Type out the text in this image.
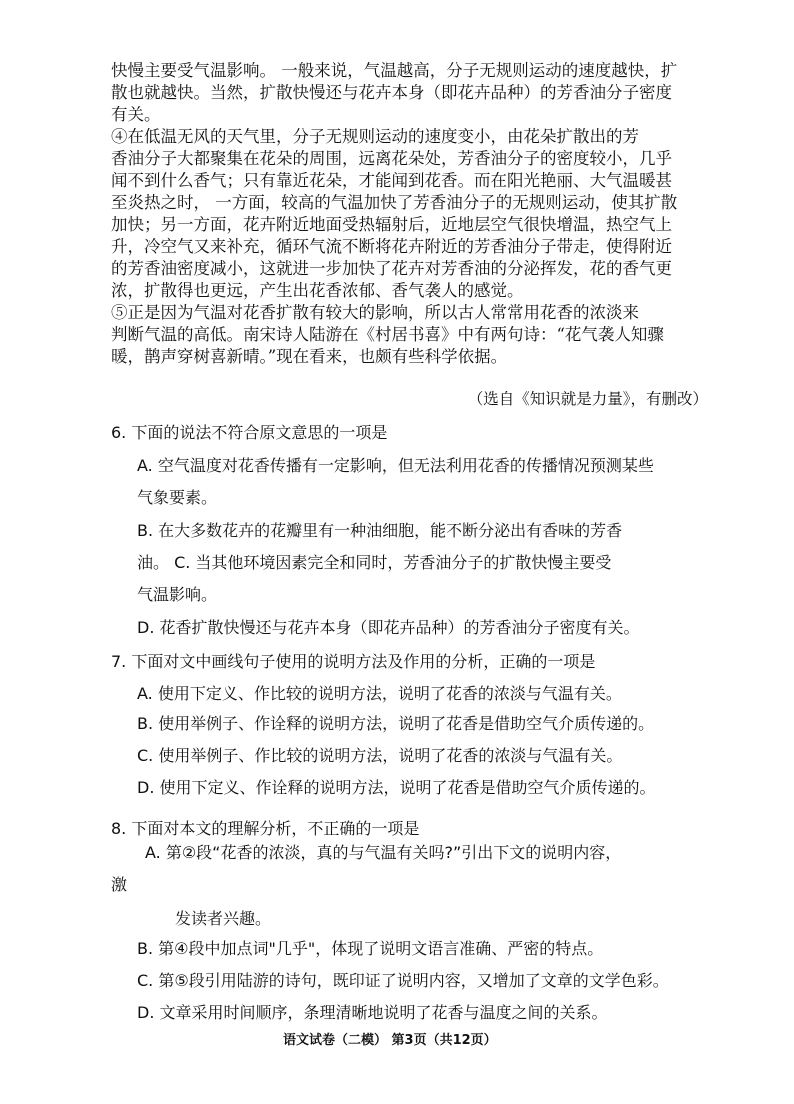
快慢主要受气温影响。 一般来说，气温越高，分子无规则运动的速度越快，扩
散也就越快。当然，扩散快慢还与花卉本身（即花卉品种）的芳香油分子密度
有关。
④在低温无风的天气里，分子无规则运动的速度变小，由花朵扩散出的芳
香油分子大都聚集在花朵的周围，远离花朵处，芳香油分子的密度较小，几乎
闻不到什么香气；只有靠近花朵，才能闻到花香。而在阳光艳丽、大气温暖甚
至炎热之时， 一方面，较高的气温加快了芳香油分子的无规则运动，使其扩散
加快；另一方面，花卉附近地面受热辐射后，近地层空气很快增温，热空气上
升，冷空气又来补充，循环气流不断将花卉附近的芳香油分子带走，使得附近
的芳香油密度减小，这就进一步加快了花卉对芳香油的分泌挥发，花的香气更
浓，扩散得也更远，产生出花香浓郁、香气袭人的感觉。
⑤正是因为气温对花香扩散有较大的影响，所以古人常常用花香的浓淡来
判断气温的高低。南宋诗人陆游在《村居书喜》中有两句诗：“花气袭人知骤
暖，鹊声穿树喜新晴。”现在看来，也颇有些科学依据。
（选自《知识就是力量》，有删改）
6. 下面的说法不符合原文意思的一项是
A. 空气温度对花香传播有一定影响，但无法利用花香的传播情况预测某些
气象要素。
B. 在大多数花卉的花瓣里有一种油细胞，能不断分泌出有香味的芳香
油。 C. 当其他环境因素完全和同时，芳香油分子的扩散快慢主要受
气温影响。
D. 花香扩散快慢还与花卉本身（即花卉品种）的芳香油分子密度有关。
7. 下面对文中画线句子使用的说明方法及作用的分析，正确的一项是
A. 使用下定义、作比较的说明方法，说明了花香的浓淡与气温有关。
B. 使用举例子、作诠释的说明方法，说明了花香是借助空气介质传递的。
C. 使用举例子、作比较的说明方法，说明了花香的浓淡与气温有关。
D. 使用下定义、作诠释的说明方法，说明了花香是借助空气介质传递的。
8. 下面对本文的理解分析，不正确的一项是
A. 第②段“花香的浓淡，真的与气温有关吗?”引出下文的说明内容，
激
发读者兴趣。
B. 第④段中加点词"几乎"，体现了说明文语言准确、严密的特点。
C. 第⑤段引用陆游的诗句，既印证了说明内容，又增加了文章的文学色彩。
D. 文章采用时间顺序，条理清晰地说明了花香与温度之间的关系。
语文试卷（二模） 第3页（共12页）
